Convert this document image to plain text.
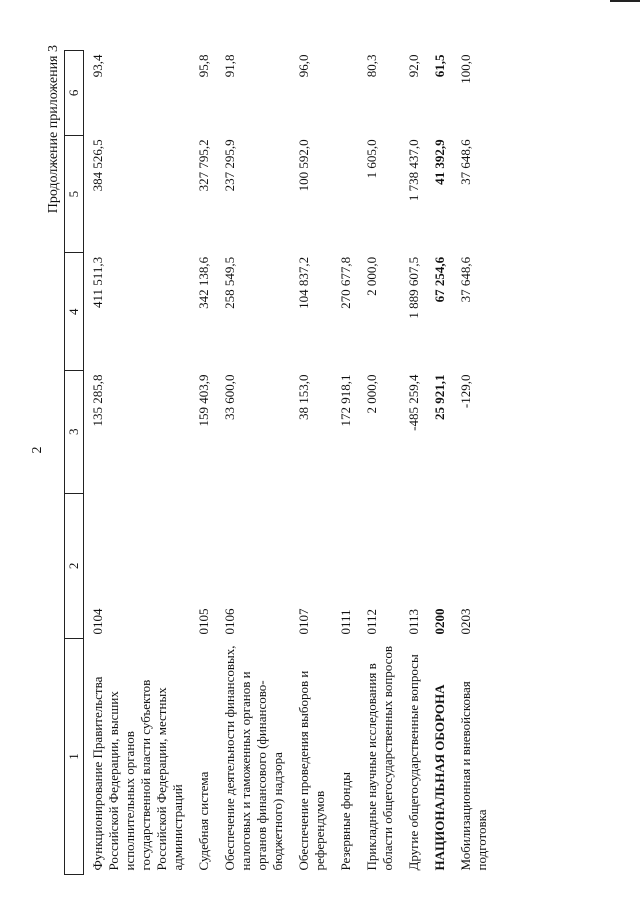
2
Продолжение приложения 3
1	2	3	4	5	6
Функционирование Правительства Российской Федерации, высших исполнительных органов государственной власти субъектов Российской Федерации, местных администраций	0104	135 285,8	411 511,3	384 526,5	93,4
Судебная система	0105	159 403,9	342 138,6	327 795,2	95,8
Обеспечение деятельности финансовых, налоговых и таможенных органов и органов финансового (финансово-бюджетного) надзора	0106	33 600,0	258 549,5	237 295,9	91,8
Обеспечение проведения выборов и референдумов	0107	38 153,0	104 837,2	100 592,0	96,0
Резервные фонды	0111	172 918,1	270 677,8		
Прикладные научные исследования в области общегосударственных вопросов	0112	2 000,0	2 000,0	1 605,0	80,3
Другие общегосударственные вопросы	0113	-485 259,4	1 889 607,5	1 738 437,0	92,0
НАЦИОНАЛЬНАЯ ОБОРОНА	0200	25 921,1	67 254,6	41 392,9	61,5
Мобилизационная и вневойсковая подготовка	0203	-129,0	37 648,6	37 648,6	100,0
